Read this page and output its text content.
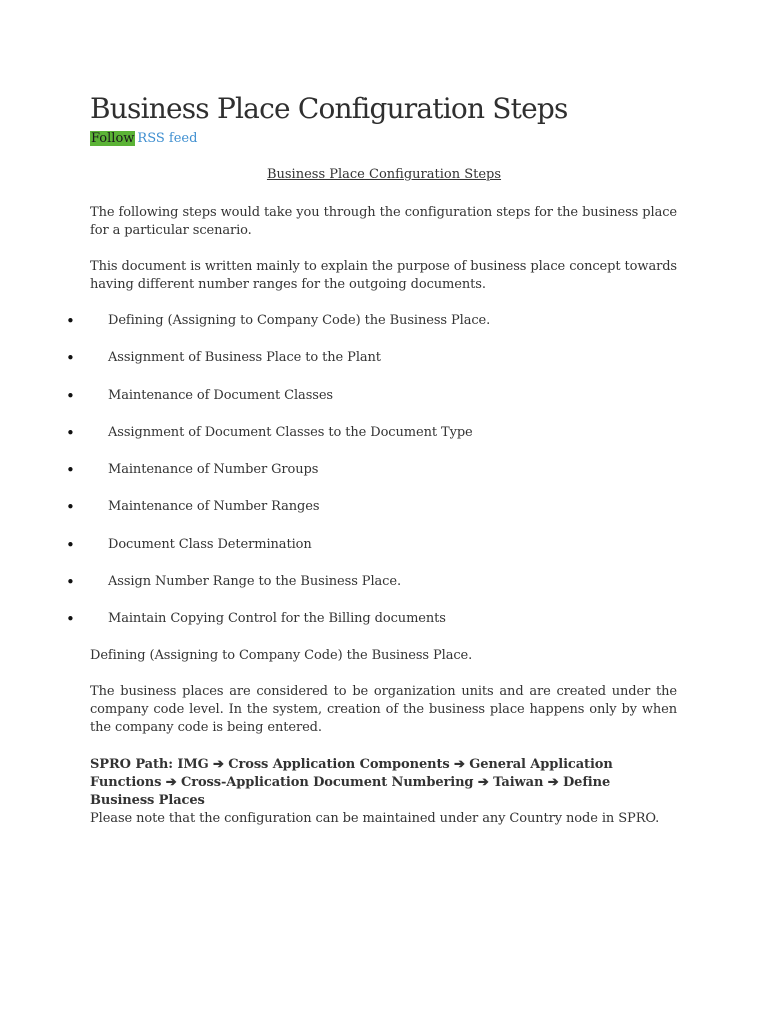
Business Place Configuration Steps
Follow RSS feed
Business Place Configuration Steps

The following steps would take you through the configuration steps for the business place for a particular scenario.

This document is written mainly to explain the purpose of business place concept towards having different number ranges for the outgoing documents.

•	Defining (Assigning to Company Code) the Business Place.
•	Assignment of Business Place to the Plant
•	Maintenance of Document Classes
•	Assignment of Document Classes to the Document Type
•	Maintenance of Number Groups
•	Maintenance of Number Ranges
•	Document Class Determination
•	Assign Number Range to the Business Place.
•	Maintain Copying Control for the Billing documents

Defining (Assigning to Company Code) the Business Place.

The business places are considered to be organization units and are created under the company code level. In the system, creation of the business place happens only by when the company code is being entered.

SPRO Path: IMG ➔ Cross Application Components ➔ General Application Functions ➔ Cross-Application Document Numbering ➔ Taiwan ➔ Define Business Places

Please note that the configuration can be maintained under any Country node in SPRO.
